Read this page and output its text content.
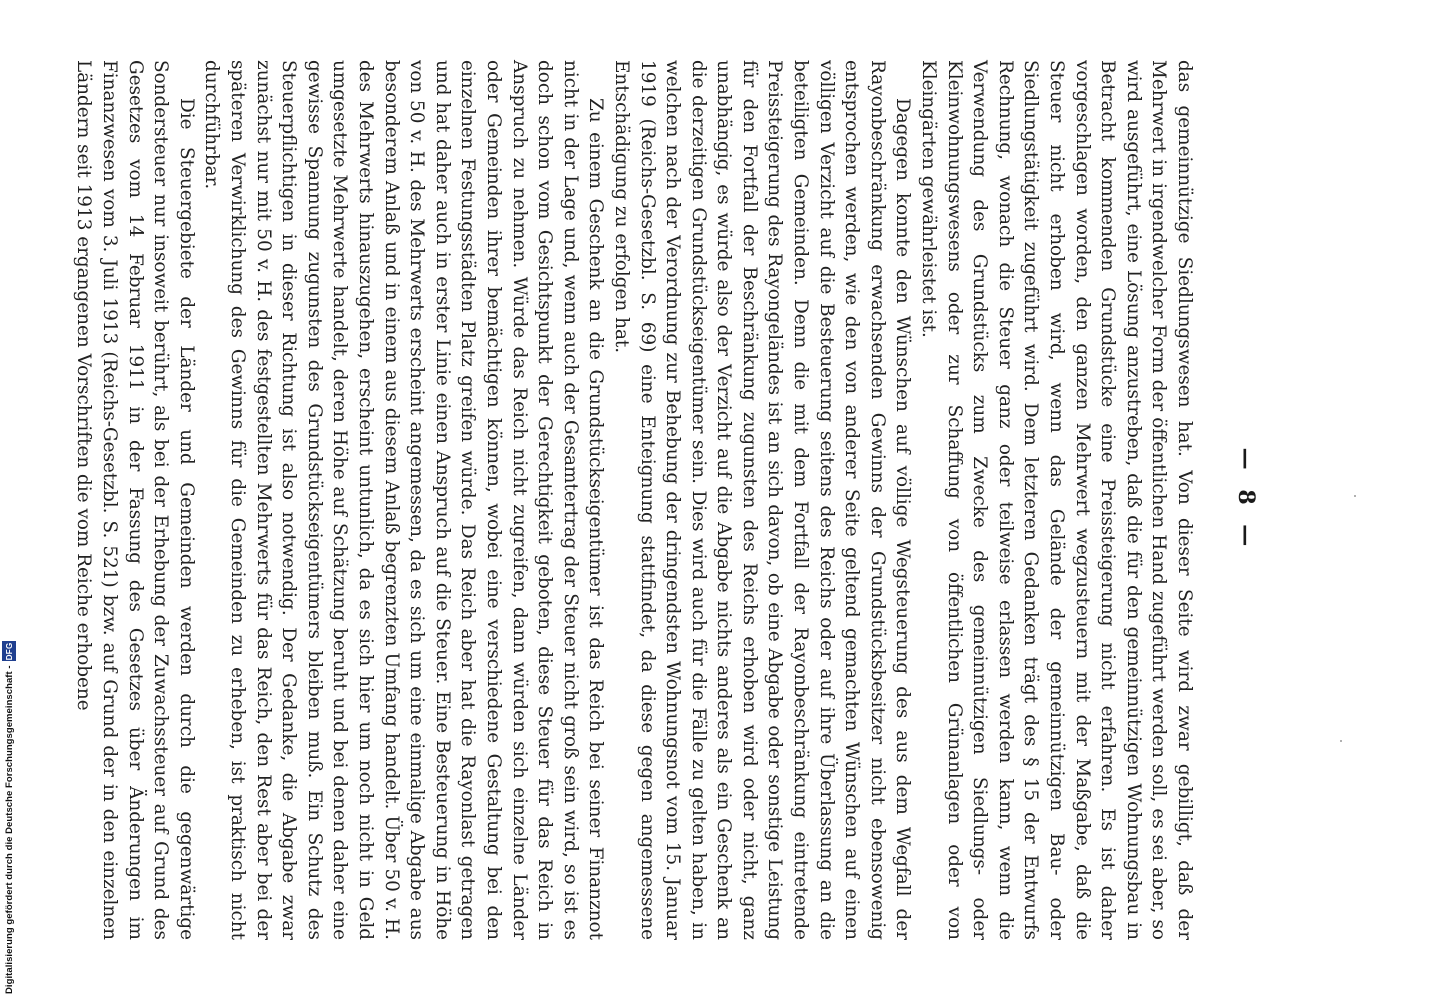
— 8 —

das gemeinnützige Siedlungswesen hat. Von dieser Seite wird zwar gebilligt, daß der Mehrwert in irgendwelcher Form der öffentlichen Hand zugeführt werden soll, es sei aber, so wird ausgeführt, eine Lösung anzustreben, daß die für den gemeinnützigen Wohnungsbau in Betracht kommenden Grundstücke eine Preissteigerung nicht erfahren. Es ist daher vorgeschlagen worden, den ganzen Mehrwert wegzusteuern mit der Maßgabe, daß die Steuer nicht erhoben wird, wenn das Gelände der gemeinnützigen Bau- oder Siedlungstätigkeit zugeführt wird. Dem letzteren Gedanken trägt des § 15 der Entwurfs Rechnung, wonach die Steuer ganz oder teilweise erlassen werden kann, wenn die Verwendung des Grundstücks zum Zwecke des gemeinnützigen Siedlungs- oder Kleinwohnungswesens oder zur Schaffung von öffentlichen Grünanlagen oder von Kleingärten gewährleistet ist.

Dagegen konnte den Wünschen auf völlige Wegsteuerung des aus dem Wegfall der Rayonbeschränkung erwachsenden Gewinns der Grundstücksbesitzer nicht ebensowenig entsprochen werden, wie den von anderer Seite geltend gemachten Wünschen auf einen völligen Verzicht auf die Besteuerung seitens des Reichs oder auf ihre Überlassung an die beteiligten Gemeinden. Denn die mit dem Fortfall der Rayonbeschränkung eintretende Preissteigerung des Rayongeländes ist an sich davon, ob eine Abgabe oder sonstige Leistung für den Fortfall der Beschränkung zugunsten des Reichs erhoben wird oder nicht, ganz unabhängig, es würde also der Verzicht auf die Abgabe nichts anderes als ein Geschenk an die derzeitigen Grundstückseigentümer sein. Dies wird auch für die Fälle zu gelten haben, in welchen nach der Verordnung zur Behebung der dringendsten Wohnungsnot vom 15. Januar 1919 (Reichs-Gesetzbl. S. 69) eine Enteignung stattfindet, da diese gegen angemessene Entschädigung zu erfolgen hat.

Zu einem Geschenk an die Grundstückseigentümer ist das Reich bei seiner Finanznot nicht in der Lage und, wenn auch der Gesamtertrag der Steuer nicht groß sein wird, so ist es doch schon vom Gesichtspunkt der Gerechtigkeit geboten, diese Steuer für das Reich in Anspruch zu nehmen. Würde das Reich nicht zugreifen, dann würden sich einzelne Länder oder Gemeinden ihrer bemächtigen können, wobei eine verschiedene Gestaltung bei den einzelnen Festungsstädten Platz greifen würde. Das Reich aber hat die Rayonlast getragen und hat daher auch in erster Linie einen Anspruch auf die Steuer. Eine Besteuerung in Höhe von 50 v. H. des Mehrwerts erscheint angemessen, da es sich um eine einmalige Abgabe aus besonderem Anlaß und in einem aus diesem Anlaß begrenzten Umfang handelt. Über 50 v. H. des Mehrwerts hinauszugehen, erscheint untunlich, da es sich hier um noch nicht in Geld umgesetzte Mehrwerte handelt, deren Höhe auf Schätzung beruht und bei denen daher eine gewisse Spannung zugunsten des Grundstückseigentümers bleiben muß. Ein Schutz des Steuerpflichtigen in dieser Richtung ist also notwendig. Der Gedanke, die Abgabe zwar zunächst nur mit 50 v. H. des festgestellten Mehrwerts für das Reich, den Rest aber bei der späteren Verwirklichung des Gewinns für die Gemeinden zu erheben, ist praktisch nicht durchführbar.

Die Steuergebiete der Länder und Gemeinden werden durch die gegenwärtige Sondersteuer nur insoweit berührt, als bei der Erhebung der Zuwachssteuer auf Grund des Gesetzes vom 14 Februar 1911 in der Fassung des Gesetzes über Änderungen im Finanzwesen vom 3. Juli 1913 (Reichs-Gesetzbl. S. 521) bzw. auf Grund der in den einzelnen Ländern seit 1913 ergangenen Vorschriften die vom Reiche erhobene

Digitalisierung gefördert durch die Deutsche Forschungsgemeinschaft -
DFG
